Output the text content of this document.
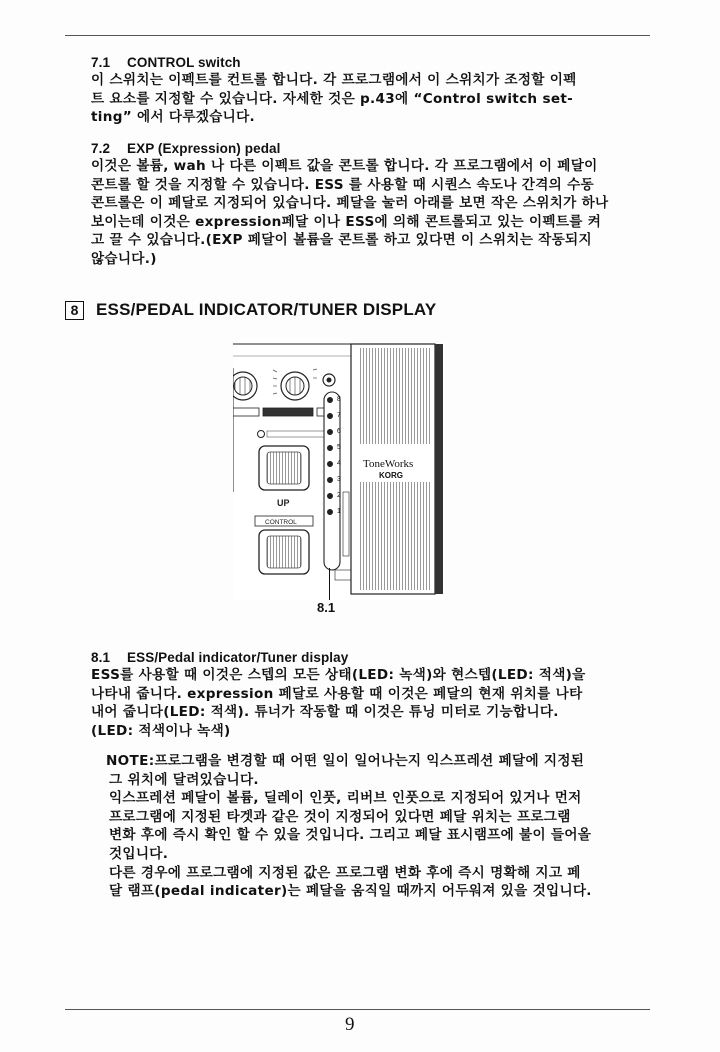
7.1 CONTROL switch

이 스위치는 이펙트를 컨트롤 합니다. 각 프로그램에서 이 스위치가 조정할 이펙

트 요소를 지정할 수 있습니다. 자세한 것은 p.43에 “Control switch set-

ting” 에서 다루겠습니다.

7.2 EXP (Expression) pedal

이것은 볼륨, wah 나 다른 이펙트 값을 콘트롤 합니다. 각 프로그램에서 이 페달이

콘트롤 할 것을 지정할 수 있습니다. ESS 를 사용할 때 시퀀스 속도나 간격의 수동

콘트롤은 이 페달로 지정되어 있습니다. 페달을 눌러 아래를 보면 작은 스위치가 하나

보이는데 이것은 expression페달 이나 ESS에 의해 콘트롤되고 있는 이펙트를 켜

고 끌 수 있습니다.(EXP 페달이 볼륨을 콘트롤 하고 있다면 이 스위치는 작동되지

않습니다.)

8	ESS/PEDAL INDICATOR/TUNER DISPLAY
UP
CONTROL
ToneWorks
KORG
8
7
6
5
4
3
2
1
8.1
8.1 ESS/Pedal indicator/Tuner display

ESS를 사용할 때 이것은 스텝의 모든 상태(LED: 녹색)와 현스텝(LED: 적색)을

나타내 줍니다. expression 페달로 사용할 때 이것은 페달의 현재 위치를 나타

내어 줍니다(LED: 적색). 튜너가 작동할 때 이것은 튜닝 미터로 기능합니다.

(LED: 적색이나 녹색)

NOTE:프로그램을 변경할 때 어떤 일이 일어나는지 익스프레션 페달에 지정된

그 위치에 달려있습니다.

익스프레션 페달이 볼륨, 딜레이 인풋, 리버브 인풋으로 지정되어 있거나 먼저

프로그램에 지정된 타겟과 같은 것이 지정되어 있다면 페달 위치는 프로그램

변화 후에 즉시 확인 할 수 있을 것입니다. 그리고 페달 표시램프에 불이 들어올

것입니다.

다른 경우에 프로그램에 지정된 값은 프로그램 변화 후에 즉시 명확해 지고 페

달 램프(pedal indicater)는 페달을 움직일 때까지 어두워져 있을 것입니다.

9
